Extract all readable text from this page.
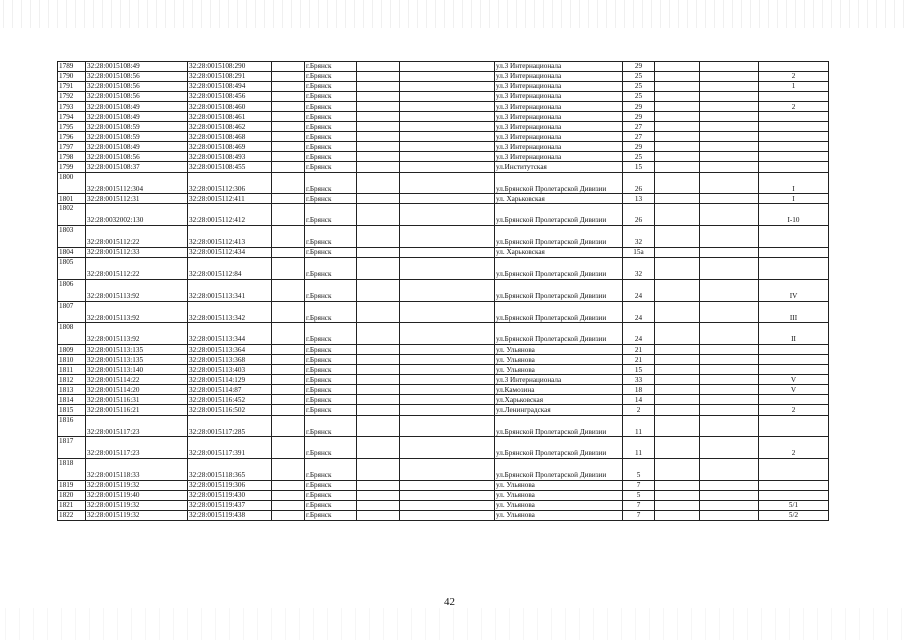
1789	32:28:0015108:49	32:28:0015108:290		г.Брянск			ул.3 Интернационала	29			
1790	32:28:0015108:56	32:28:0015108:291		г.Брянск			ул.3 Интернационала	25			2
1791	32:28:0015108:56	32:28:0015108:494		г.Брянск			ул.3 Интернационала	25			1
1792	32:28:0015108:56	32:28:0015108:456		г.Брянск			ул.3 Интернационала	25			
1793	32:28:0015108:49	32:28:0015108:460		г.Брянск			ул.3 Интернационала	29			2
1794	32:28:0015108:49	32:28:0015108:461		г.Брянск			ул.3 Интернационала	29			
1795	32:28:0015108:59	32:28:0015108:462		г.Брянск			ул.3 Интернационала	27			
1796	32:28:0015108:59	32:28:0015108:468		г.Брянск			ул.3 Интернационала	27			
1797	32:28:0015108:49	32:28:0015108:469		г.Брянск			ул.3 Интернационала	29			
1798	32:28:0015108:56	32:28:0015108:493		г.Брянск			ул.3 Интернационала	25			
1799	32:28:0015108:37	32:28:0015108:455		г.Брянск			ул.Институтская	15			
1800	32:28:0015112:304	32:28:0015112:306		г.Брянск			ул.Брянской Пролетарской Дивизии	26			I
1801	32:28:0015112:31	32:28:0015112:411		г.Брянск			ул. Харьковская	13			I
1802	32:28:0032002:130	32:28:0015112:412		г.Брянск			ул.Брянской Пролетарской Дивизии	26			I-10
1803	32:28:0015112:22	32:28:0015112:413		г.Брянск			ул.Брянской Пролетарской Дивизии	32			
1804	32:28:0015112:33	32:28:0015112:434		г.Брянск			ул. Харьковская	15а			
1805	32:28:0015112:22	32:28:0015112:84		г.Брянск			ул.Брянской Пролетарской Дивизии	32			
1806	32:28:0015113:92	32:28:0015113:341		г.Брянск			ул.Брянской Пролетарской Дивизии	24			IV
1807	32:28:0015113:92	32:28:0015113:342		г.Брянск			ул.Брянской Пролетарской Дивизии	24			III
1808	32:28:0015113:92	32:28:0015113:344		г.Брянск			ул.Брянской Пролетарской Дивизии	24			II
1809	32:28:0015113:135	32:28:0015113:364		г.Брянск			ул. Ульянова	21			
1810	32:28:0015113:135	32:28:0015113:368		г.Брянск			ул. Ульянова	21			
1811	32:28:0015113:140	32:28:0015113:403		г.Брянск			ул. Ульянова	15			
1812	32:28:0015114:22	32:28:0015114:129		г.Брянск			ул.3 Интернационала	33			V
1813	32:28:0015114:20	32:28:0015114:87		г.Брянск			ул.Камозина	18			V
1814	32:28:0015116:31	32:28:0015116:452		г.Брянск			ул.Харьковская	14			
1815	32:28:0015116:21	32:28:0015116:502		г.Брянск			ул.Ленинградская	2			2
1816	32:28:0015117:23	32:28:0015117:285		г.Брянск			ул.Брянской Пролетарской Дивизии	11			
1817	32:28:0015117:23	32:28:0015117:391		г.Брянск			ул.Брянской Пролетарской Дивизии	11			2
1818	32:28:0015118:33	32:28:0015118:365		г.Брянск			ул.Брянской Пролетарской Дивизии	5			
1819	32:28:0015119:32	32:28:0015119:306		г.Брянск			ул. Ульянова	7			
1820	32:28:0015119:40	32:28:0015119:430		г.Брянск			ул. Ульянова	5			
1821	32:28:0015119:32	32:28:0015119:437		г.Брянск			ул. Ульянова	7			5/1
1822	32:28:0015119:32	32:28:0015119:438		г.Брянск			ул. Ульянова	7			5/2
42
